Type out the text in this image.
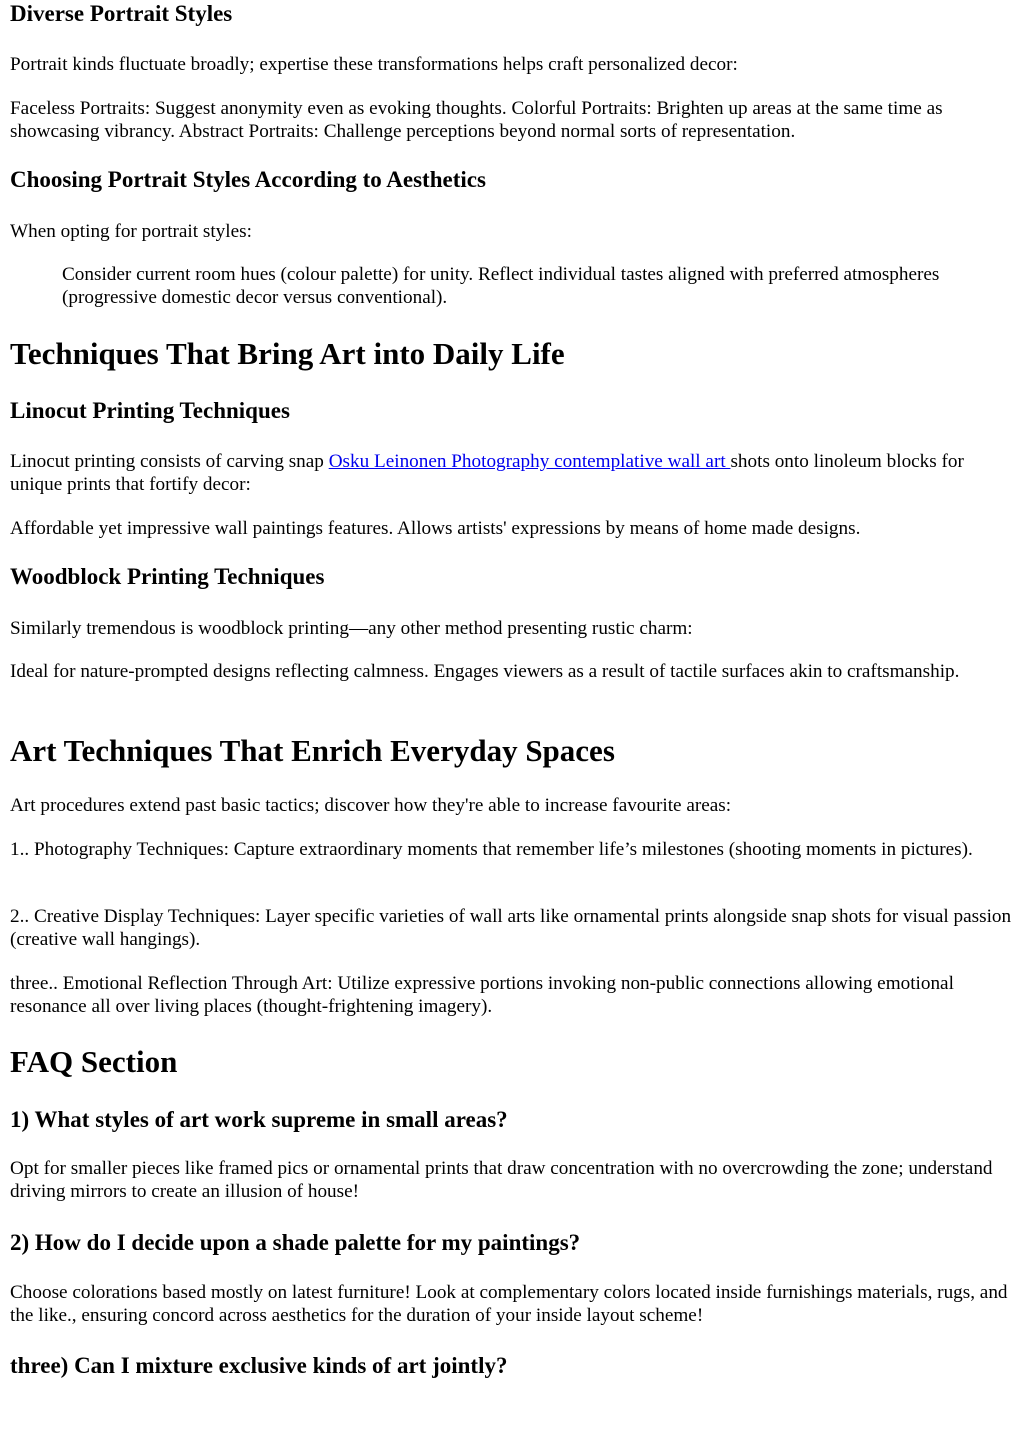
Diverse Portrait Styles

Portrait kinds fluctuate broadly; expertise these transformations helps craft personalized decor:

Faceless Portraits: Suggest anonymity even as evoking thoughts. Colorful Portraits: Brighten up areas at the same time as showcasing vibrancy. Abstract Portraits: Challenge perceptions beyond normal sorts of representation.

Choosing Portrait Styles According to Aesthetics

When opting for portrait styles:

Consider current room hues (colour palette) for unity. Reflect individual tastes aligned with preferred atmospheres (progressive domestic decor versus conventional).
Techniques That Bring Art into Daily Life
Linocut Printing Techniques

Linocut printing consists of carving snap Osku Leinonen Photography contemplative wall art shots onto linoleum blocks for unique prints that fortify decor:

Affordable yet impressive wall paintings features. Allows artists' expressions by means of home made designs.

Woodblock Printing Techniques

Similarly tremendous is woodblock printing—any other method presenting rustic charm:

Ideal for nature-prompted designs reflecting calmness. Engages viewers as a result of tactile surfaces akin to craftsmanship.

Art Techniques That Enrich Everyday Spaces

Art procedures extend past basic tactics; discover how they're able to increase favourite areas:

1.. Photography Techniques: Capture extraordinary moments that remember life’s milestones (shooting moments in pictures).

2.. Creative Display Techniques: Layer specific varieties of wall arts like ornamental prints alongside snap shots for visual passion (creative wall hangings).

three.. Emotional Reflection Through Art: Utilize expressive portions invoking non-public connections allowing emotional resonance all over living places (thought-frightening imagery).

FAQ Section
1) What styles of art work supreme in small areas?

Opt for smaller pieces like framed pics or ornamental prints that draw concentration with no overcrowding the zone; understand driving mirrors to create an illusion of house!

2) How do I decide upon a shade palette for my paintings?

Choose colorations based mostly on latest furniture! Look at complementary colors located inside furnishings materials, rugs, and the like., ensuring concord across aesthetics for the duration of your inside layout scheme!

three) Can I mixture exclusive kinds of art jointly?
